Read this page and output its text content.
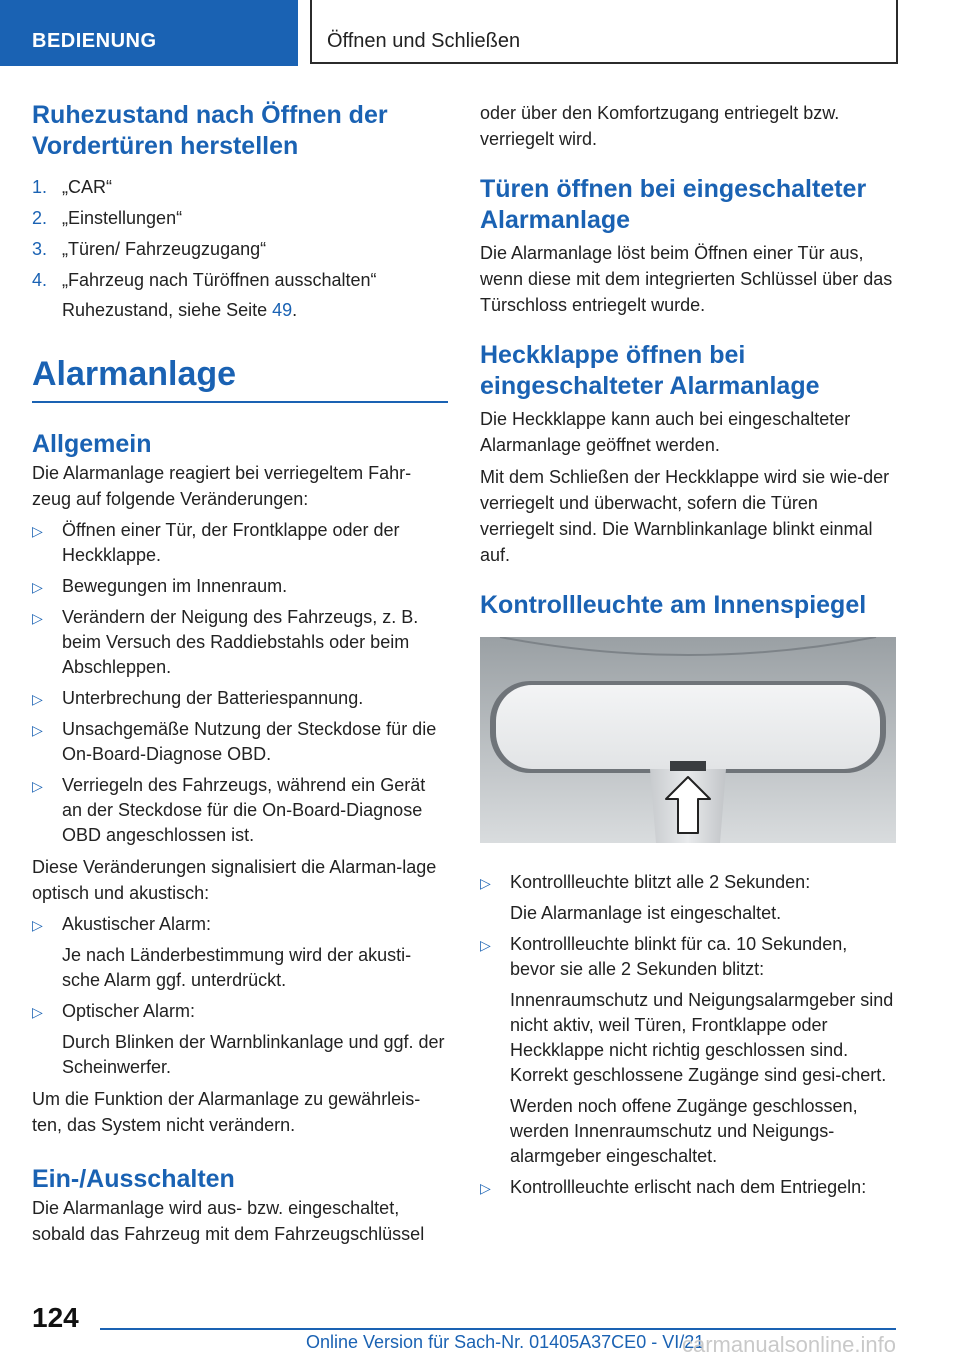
BEDIENUNG	Öffnen und Schließen
Ruhezustand nach Öffnen der Vordertüren herstellen
1. „CAR“
2. „Einstellungen“
3. „Türen/ Fahrzeugzugang“
4. „Fahrzeug nach Türöffnen ausschalten“
Ruhezustand, siehe Seite 49.
Alarmanlage
Allgemein

Die Alarmanlage reagiert bei verriegeltem Fahr-zeug auf folgende Veränderungen:

▷ Öffnen einer Tür, der Frontklappe oder der Heckklappe.
▷ Bewegungen im Innenraum.
▷ Verändern der Neigung des Fahrzeugs, z. B. beim Versuch des Raddiebstahls oder beim Abschleppen.
▷ Unterbrechung der Batteriespannung.
▷ Unsachgemäße Nutzung der Steckdose für die On-Board-Diagnose OBD.
▷ Verriegeln des Fahrzeugs, während ein Gerät an der Steckdose für die On-Board-Diagnose OBD angeschlossen ist.

Diese Veränderungen signalisiert die Alarman-lage optisch und akustisch:

▷ Akustischer Alarm:
Je nach Länderbestimmung wird der akusti-sche Alarm ggf. unterdrückt.
▷ Optischer Alarm:
Durch Blinken der Warnblinkanlage und ggf. der Scheinwerfer.

Um die Funktion der Alarmanlage zu gewährleis-ten, das System nicht verändern.

Ein-/Ausschalten

Die Alarmanlage wird aus- bzw. eingeschaltet, sobald das Fahrzeug mit dem Fahrzeugschlüssel

oder über den Komfortzugang entriegelt bzw. verriegelt wird.

Türen öffnen bei eingeschalteter Alarmanlage

Die Alarmanlage löst beim Öffnen einer Tür aus, wenn diese mit dem integrierten Schlüssel über das Türschloss entriegelt wurde.

Heckklappe öffnen bei eingeschalteter Alarmanlage

Die Heckklappe kann auch bei eingeschalteter Alarmanlage geöffnet werden.

Mit dem Schließen der Heckklappe wird sie wie-der verriegelt und überwacht, sofern die Türen verriegelt sind. Die Warnblinkanlage blinkt einmal auf.

Kontrollleuchte am Innenspiegel
▷ Kontrollleuchte blitzt alle 2 Sekunden:
Die Alarmanlage ist eingeschaltet.
▷ Kontrollleuchte blinkt für ca. 10 Sekunden, bevor sie alle 2 Sekunden blitzt:
Innenraumschutz und Neigungsalarmgeber sind nicht aktiv, weil Türen, Frontklappe oder Heckklappe nicht richtig geschlossen sind. Korrekt geschlossene Zugänge sind gesi-chert.
Werden noch offene Zugänge geschlossen, werden Innenraumschutz und Neigungs-alarmgeber eingeschaltet.
▷ Kontrollleuchte erlischt nach dem Entriegeln:
124
Online Version für Sach-Nr. 01405A37CE0 - VI/21
carmanualsonline.info
